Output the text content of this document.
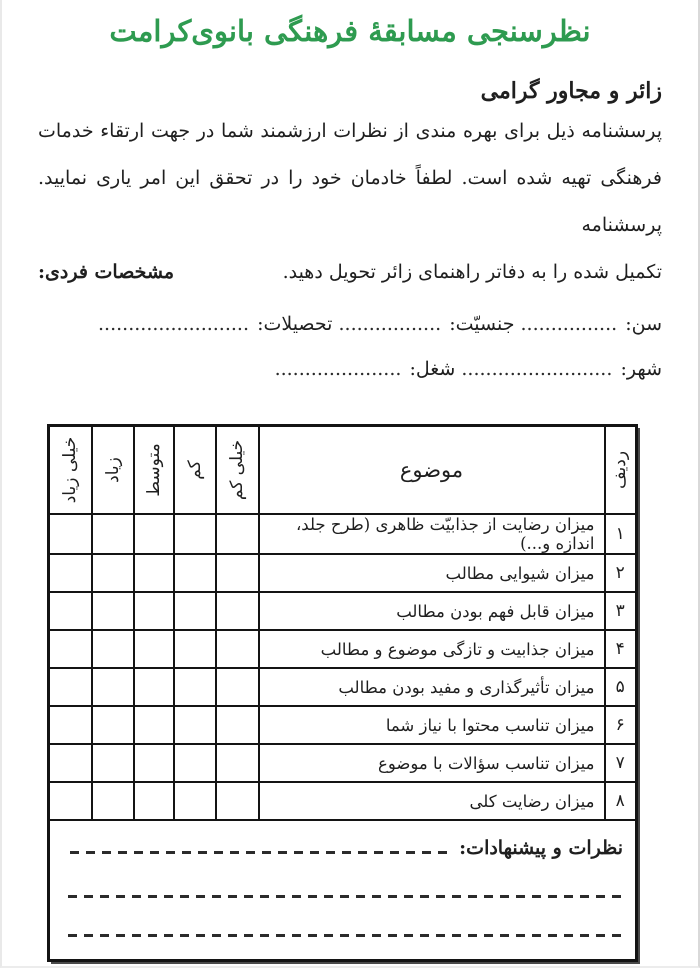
نظرسنجی مسابقهٔ فرهنگی بانوی‌کرامت
زائر و مجاور گرامی
پرسشنامه ذیل برای بهره مندی از نظرات ارزشمند شما در جهت ارتقاء خدمات
فرهنگی تهیه شده است. لطفاً خادمان خود را در تحقق این امر یاری نمایید. پرسشنامه
تکمیل شده را به دفاتر راهنمای زائر تحویل دهید.
مشخصات فردی:
سن: ................ جنسیّت: ................. تحصیلات: .........................
شهر: ......................... شغل: .....................
ردیف	موضوع	خیلی کم	کم	متوسط	زیاد	خیلی زیاد

۱	میزان رضایت از جذابیّت ظاهری (طرح جلد، اندازه و...)					
۲	میزان شیوایی مطالب					
۳	میزان قابل فهم بودن مطالب					
۴	میزان جذابیت و تازگی موضوع و مطالب					
۵	میزان تأثیرگذاری و مفید بودن مطالب					
۶	میزان تناسب محتوا با نیاز شما					
۷	میزان تناسب سؤالات با موضوع					
۸	میزان رضایت کلی					

نظرات و پیشنهادات:						
